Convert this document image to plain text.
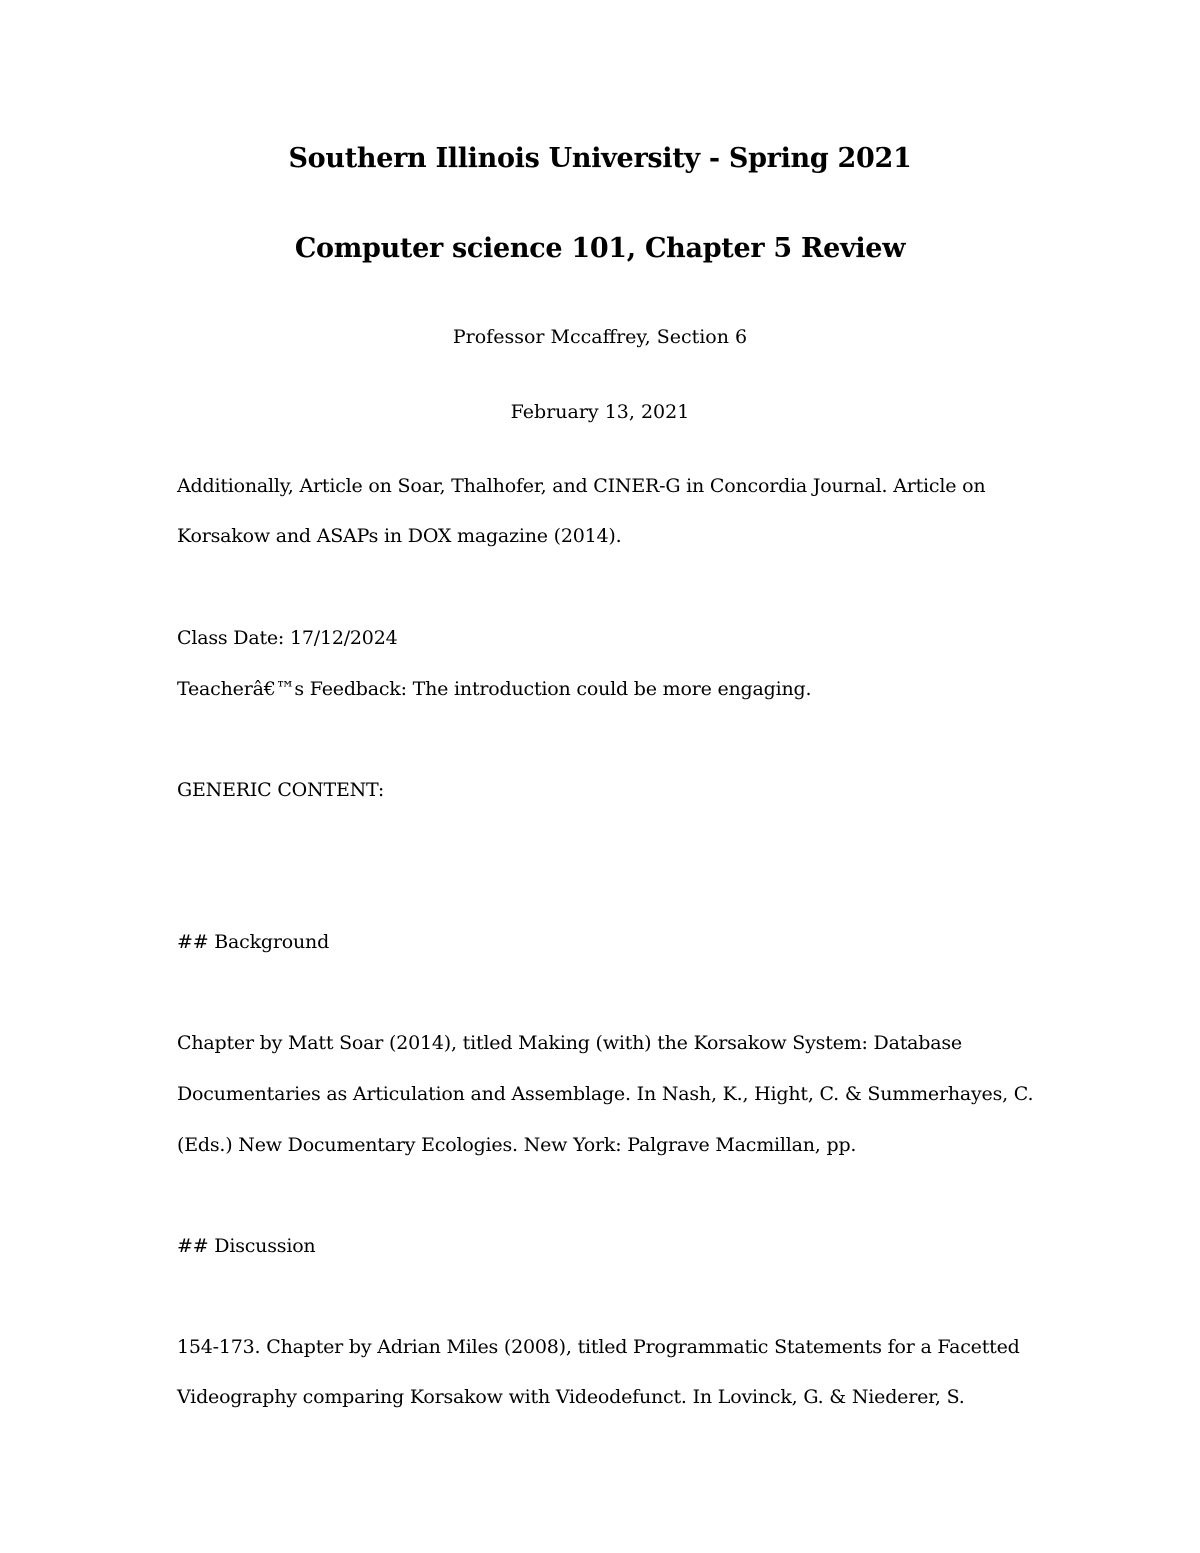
Southern Illinois University - Spring 2021
Computer science 101, Chapter 5 Review
Professor Mccaffrey, Section 6
February 13, 2021
Additionally, Article on Soar, Thalhofer, and CINER-G in Concordia Journal. Article on
Korsakow and ASAPs in DOX magazine (2014).
Class Date: 17/12/2024
Teacherâ€™s Feedback: The introduction could be more engaging.
GENERIC CONTENT:
## Background
Chapter by Matt Soar (2014), titled Making (with) the Korsakow System: Database
Documentaries as Articulation and Assemblage. In Nash, K., Hight, C. & Summerhayes, C.
(Eds.) New Documentary Ecologies. New York: Palgrave Macmillan, pp.
## Discussion
154-173. Chapter by Adrian Miles (2008), titled Programmatic Statements for a Facetted
Videography comparing Korsakow with Videodefunct. In Lovinck, G. & Niederer, S.
